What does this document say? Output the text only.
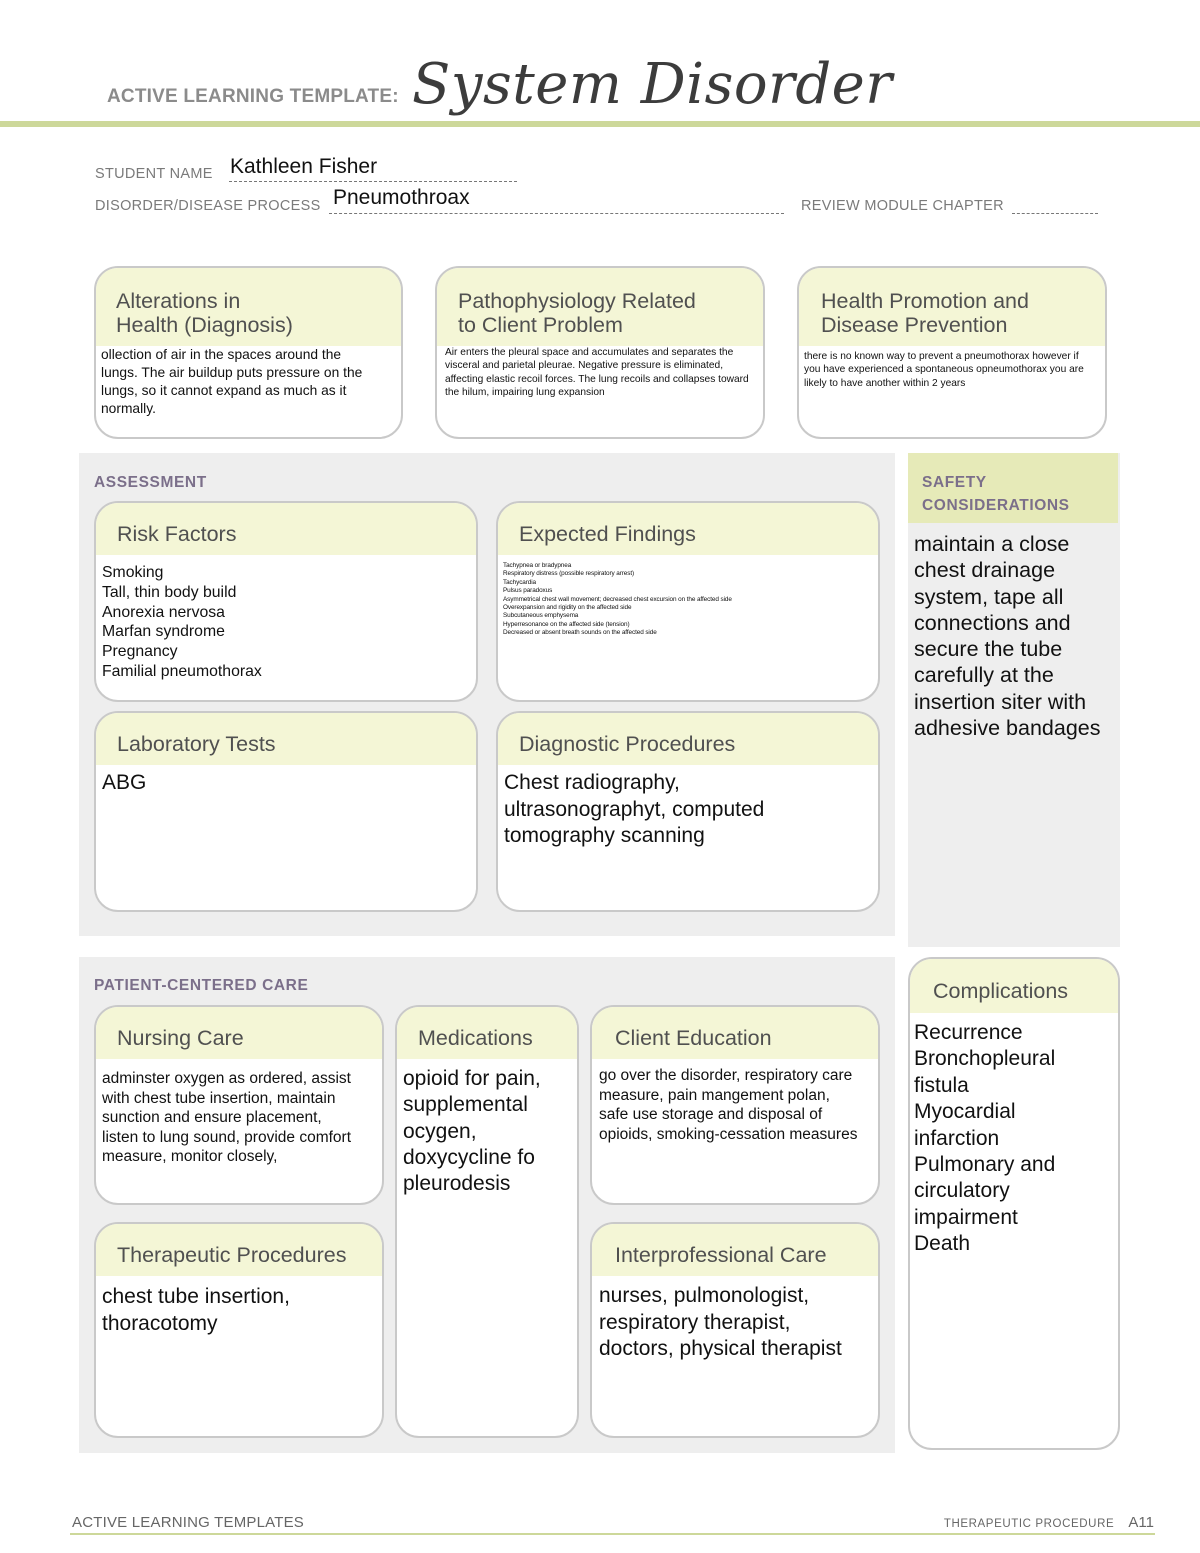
ACTIVE LEARNING TEMPLATE: System Disorder
STUDENT NAME Kathleen Fisher
DISORDER/DISEASE PROCESS Pneumothroax	REVIEW MODULE CHAPTER
Alterations in
Health (Diagnosis)
ollection of air in the spaces around the lungs. The air buildup puts pressure on the lungs, so it cannot expand as much as it normally.
Pathophysiology Related
to Client Problem
Air enters the pleural space and accumulates and separates the visceral and parietal pleurae. Negative pressure is eliminated, affecting elastic recoil forces. The lung recoils and collapses toward the hilum, impairing lung expansion
Health Promotion and
Disease Prevention
there is no known way to prevent a pneumothorax however if you have experienced a spontaneous opneumothorax you are likely to have another within 2 years
ASSESSMENT
Risk Factors
Smoking
Tall, thin body build
Anorexia nervosa
Marfan syndrome
Pregnancy
Familial pneumothorax
Expected Findings
Tachypnea or bradypnea
Respiratory distress (possible respiratory arrest)
Tachycardia
Pulsus paradoxus
Asymmetrical chest wall movement; decreased chest excursion on the affected side
Overexpansion and rigidity on the affected side
Subcutaneous emphysema
Hyperresonance on the affected side (tension)
Decreased or absent breath sounds on the affected side
Laboratory Tests
ABG
Diagnostic Procedures
Chest radiography, ultrasonographyt, computed tomography scanning
SAFETY
CONSIDERATIONS
maintain a close chest drainage system, tape all connections and secure the tube carefully at the insertion siter with adhesive bandages
PATIENT-CENTERED CARE
Nursing Care
adminster oxygen as ordered, assist with chest tube insertion, maintain sunction and ensure placement, listen to lung sound, provide comfort measure, monitor closely,
Medications
opioid for pain, supplemental ocygen, doxycycline fo pleurodesis
Client Education
go over the disorder, respiratory care measure, pain mangement polan, safe use storage and disposal of opioids, smoking-cessation measures
Therapeutic Procedures
chest tube insertion, thoracotomy
Interprofessional Care
nurses, pulmonologist, respiratory therapist, doctors, physical therapist
Complications
Recurrence
Bronchopleural
fistula
Myocardial
infarction
Pulmonary and
circulatory
impairment
Death
ACTIVE LEARNING TEMPLATES	THERAPEUTIC PROCEDURE A11
